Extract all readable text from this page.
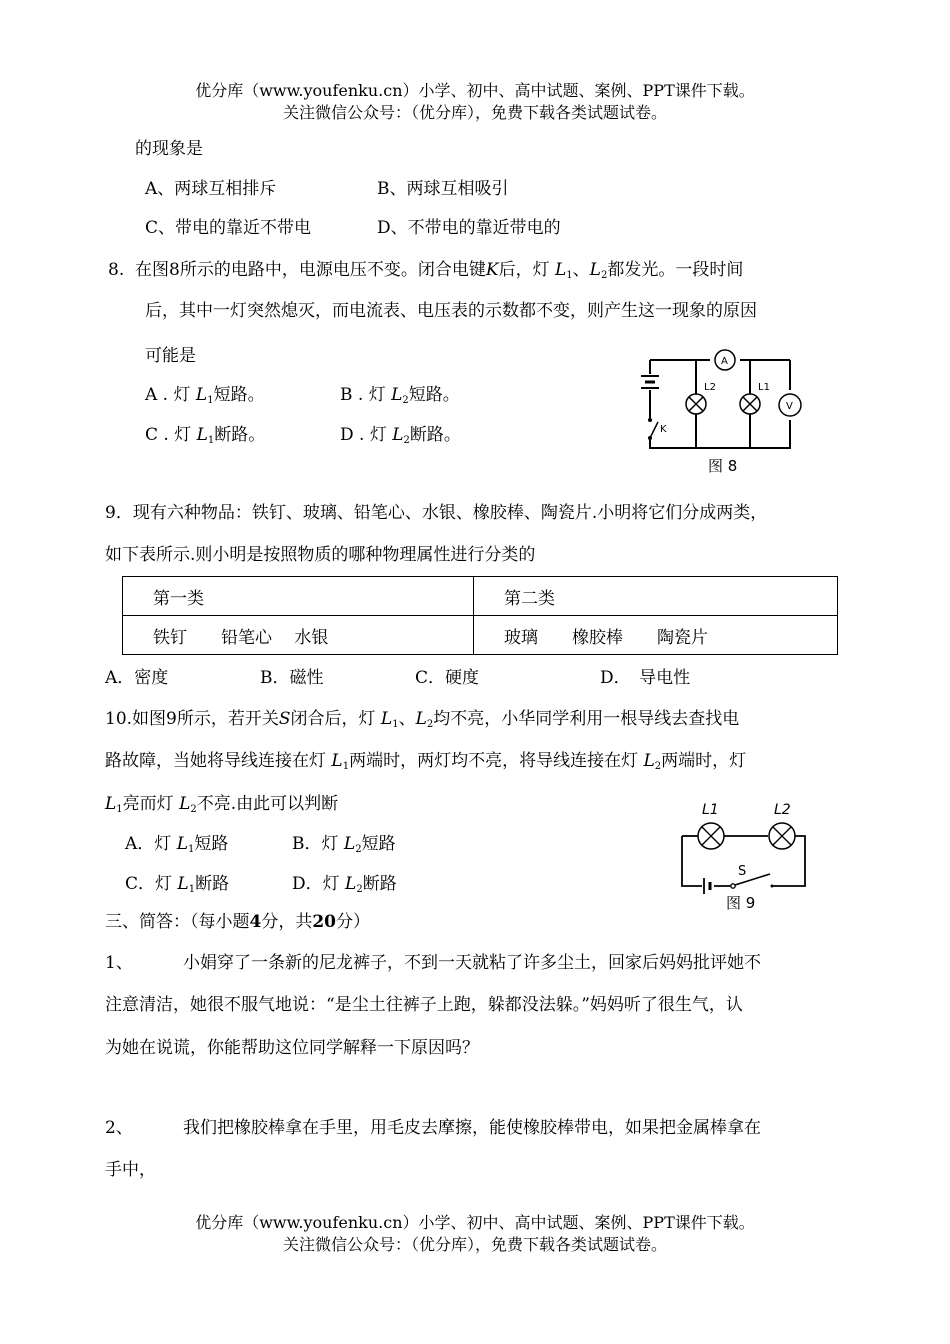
优分库（www.youfenku.cn）小学、初中、高中试题、案例、PPT课件下载。
关注微信公众号：（优分库），免费下载各类试题试卷。
的现象是
A、两球互相排斥	B、两球互相吸引
C、带电的靠近不带电	D、不带电的靠近带电的
8. 在图8所示的电路中，电源电压不变。闭合电键K后，灯 $L_1$、$L_2$都发光。一段时间
后，其中一灯突然熄灭，而电流表、电压表的示数都不变，则产生这一现象的原因
可能是
A . 灯 $L_1$短路。	B . 灯 $L_2$短路。
C . 灯 $L_1$断路。	D . 灯 $L_2$断路。	K
A
V
L2	L1
图 8
9．现有六种物品：铁钉、玻璃、铅笔心、水银、橡胶棒、陶瓷片.小明将它们分成两类，
如下表所示.则小明是按照物质的哪种物理属性进行分类的
第一类	第二类
铁钉　　铅笔心　 水银	玻璃　　橡胶棒　　陶瓷片
A．密度	B．磁性	C．硬度	D．　导电性
10.如图9所示，若开关S闭合后，灯 $L_1$、$L_2$均不亮，小华同学利用一根导线去查找电
路故障，当她将导线连接在灯 $L_1$两端时，两灯均不亮，将导线连接在灯 $L_2$两端时，灯
$L_1$亮而灯 $L_2$不亮.由此可以判断
A．灯 $L_1$短路	B．灯 $L_2$短路
C．灯 $L_1$断路	D．灯 $L_2$断路
S
L1	L2
图 9
三、简答：（每小题4分，共20分）
1、	小娟穿了一条新的尼龙裤子，不到一天就粘了许多尘土，回家后妈妈批评她不
注意清洁，她很不服气地说：“是尘土往裤子上跑，躲都没法躲。”妈妈听了很生气，认
为她在说谎，你能帮助这位同学解释一下原因吗？
2、	我们把橡胶棒拿在手里，用毛皮去摩擦，能使橡胶棒带电，如果把金属棒拿在
手中，
优分库（www.youfenku.cn）小学、初中、高中试题、案例、PPT课件下载。
关注微信公众号：（优分库），免费下载各类试题试卷。
